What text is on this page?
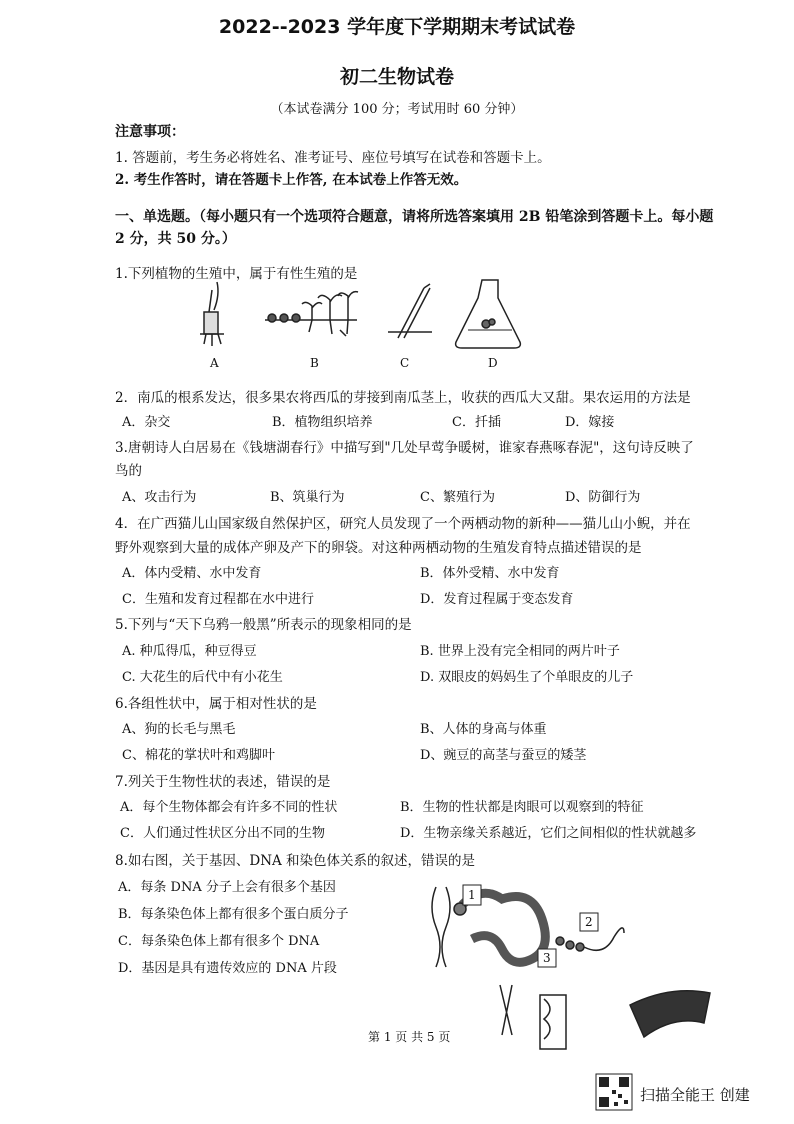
2022--2023 学年度下学期期末考试试卷
初二生物试卷
（本试卷满分 100 分；考试用时 60 分钟）
注意事项：
1. 答题前，考生务必将姓名、准考证号、座位号填写在试卷和答题卡上。
2. 考生作答时，请在答题卡上作答, 在本试卷上作答无效。
一、单选题。（每小题只有一个选项符合题意，请将所选答案填用 2B 铅笔涂到答题卡上。每小题
2 分，共 50 分。）
1.下列植物的生殖中，属于有性生殖的是
A	B	C	D
2．南瓜的根系发达，很多果农将西瓜的芽接到南瓜茎上，收获的西瓜大又甜。果农运用的方法是
A．杂交	B．植物组织培养	C．扦插	D．嫁接
3.唐朝诗人白居易在《钱塘湖春行》中描写到"几处早莺争暖树，谁家春燕啄春泥"，这句诗反映了
鸟的
A、攻击行为	B、筑巢行为	C、繁殖行为	D、防御行为
4．在广西猫儿山国家级自然保护区，研究人员发现了一个两栖动物的新种——猫儿山小鲵，并在
野外观察到大量的成体产卵及产下的卵袋。对这种两栖动物的生殖发育特点描述错误的是
A．体内受精、水中发育	B．体外受精、水中发育
C．生殖和发育过程都在水中进行	D．发育过程属于变态发育
5.下列与“天下乌鸦一般黑”所表示的现象相同的是
A. 种瓜得瓜，种豆得豆	B. 世界上没有完全相同的两片叶子
C. 大花生的后代中有小花生	D. 双眼皮的妈妈生了个单眼皮的儿子
6.各组性状中，属于相对性状的是
A、狗的长毛与黑毛	B、人体的身高与体重
C、棉花的掌状叶和鸡脚叶	D、豌豆的高茎与蚕豆的矮茎
7.列关于生物性状的表述，错误的是
A．每个生物体都会有许多不同的性状	B．生物的性状都是肉眼可以观察到的特征
C．人们通过性状区分出不同的生物	D．生物亲缘关系越近，它们之间相似的性状就越多
8.如右图，关于基因、DNA 和染色体关系的叙述，错误的是
A．每条 DNA 分子上会有很多个基因
B．每条染色体上都有很多个蛋白质分子
C．每条染色体上都有很多个 DNA
D．基因是具有遗传效应的 DNA 片段
1
2
3
第 1 页 共 5 页
扫描全能王 创建
